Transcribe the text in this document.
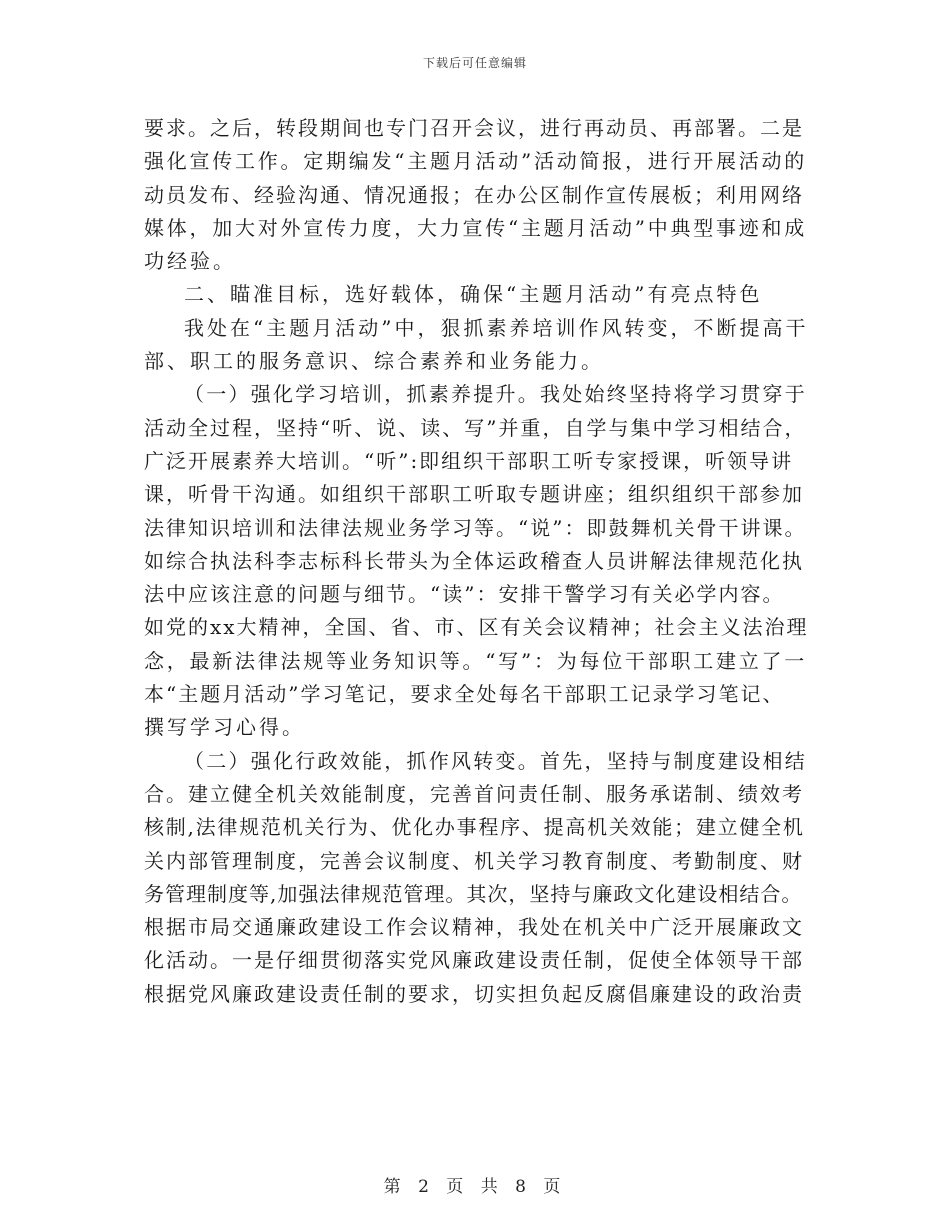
下载后可任意编辑
要求。之后，转段期间也专门召开会议，进行再动员、再部署。二是
强化宣传工作。定期编发“主题月活动”活动简报，进行开展活动的
动员发布、经验沟通、情况通报；在办公区制作宣传展板；利用网络
媒体，加大对外宣传力度，大力宣传“主题月活动”中典型事迹和成
功经验。
二、瞄准目标，选好载体，确保“主题月活动”有亮点特色
我处在“主题月活动”中，狠抓素养培训作风转变，不断提高干
部、职工的服务意识、综合素养和业务能力。
（一）强化学习培训，抓素养提升。我处始终坚持将学习贯穿于
活动全过程，坚持“听、说、读、写”并重，自学与集中学习相结合，
广泛开展素养大培训。“听”:即组织干部职工听专家授课，听领导讲
课，听骨干沟通。如组织干部职工听取专题讲座；组织组织干部参加
法律知识培训和法律法规业务学习等。“说”：即鼓舞机关骨干讲课。
如综合执法科李志标科长带头为全体运政稽查人员讲解法律规范化执
法中应该注意的问题与细节。“读”：安排干警学习有关必学内容。
如党的xx大精神，全国、省、市、区有关会议精神；社会主义法治理
念，最新法律法规等业务知识等。“写”：为每位干部职工建立了一
本“主题月活动”学习笔记，要求全处每名干部职工记录学习笔记、
撰写学习心得。
（二）强化行政效能，抓作风转变。首先，坚持与制度建设相结
合。建立健全机关效能制度，完善首问责任制、服务承诺制、绩效考
核制,法律规范机关行为、优化办事程序、提高机关效能；建立健全机
关内部管理制度，完善会议制度、机关学习教育制度、考勤制度、财
务管理制度等,加强法律规范管理。其次，坚持与廉政文化建设相结合。
根据市局交通廉政建设工作会议精神，我处在机关中广泛开展廉政文
化活动。一是仔细贯彻落实党风廉政建设责任制，促使全体领导干部
根据党风廉政建设责任制的要求，切实担负起反腐倡廉建设的政治责
第 2 页 共 8 页
